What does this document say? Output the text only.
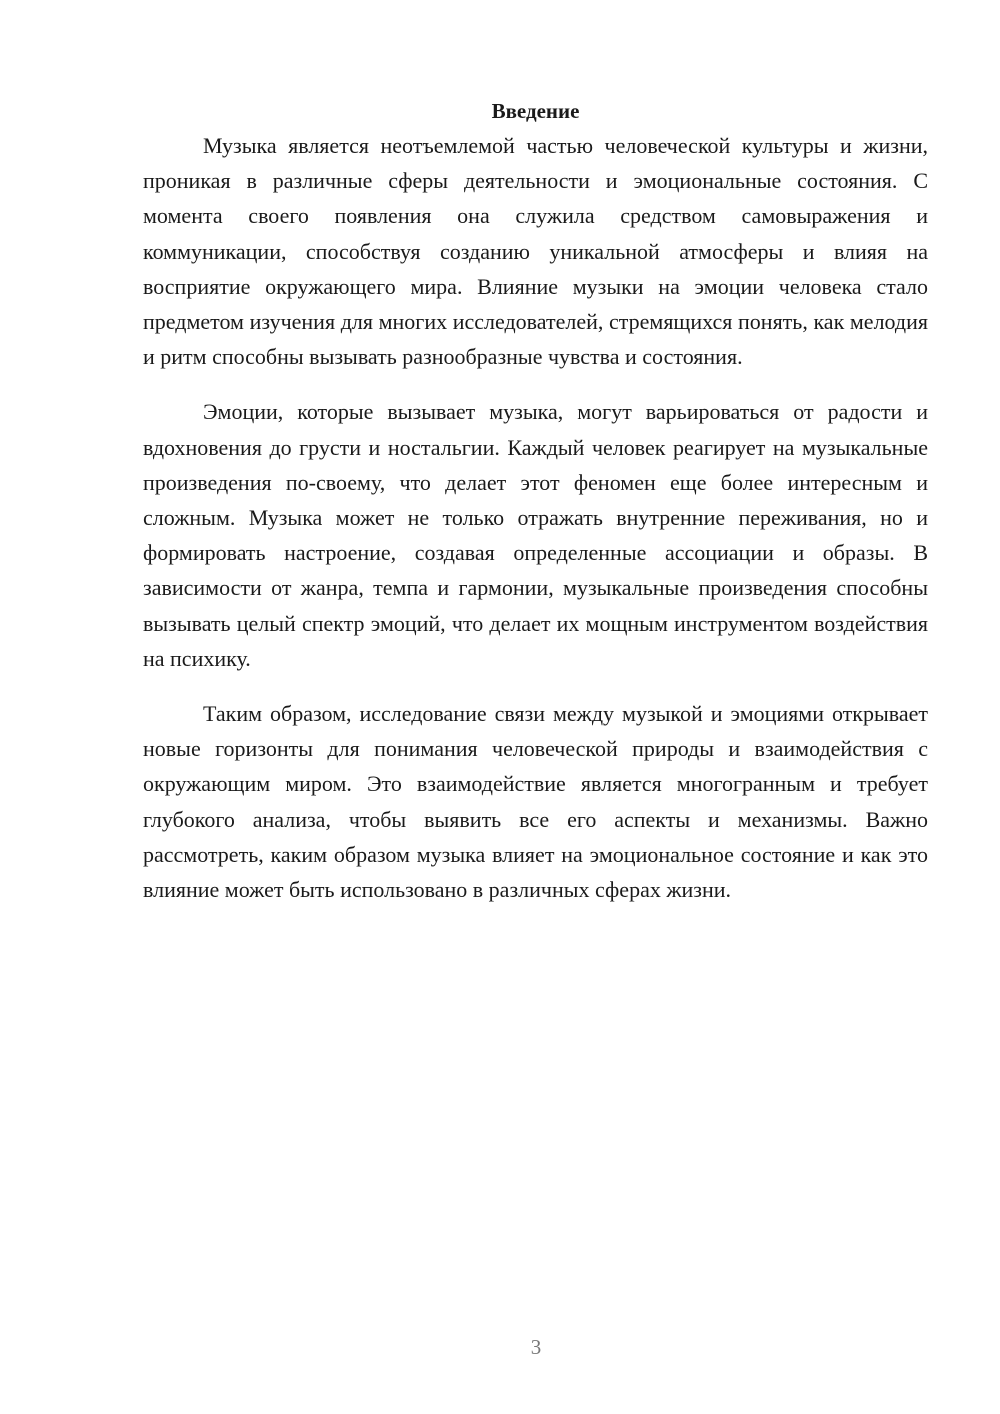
Введение

Музыка является неотъемлемой частью человеческой культуры и жизни, проникая в различные сферы деятельности и эмоциональные состояния. С момента своего появления она служила средством самовыражения и коммуникации, способствуя созданию уникальной атмосферы и влияя на восприятие окружающего мира. Влияние музыки на эмоции человека стало предметом изучения для многих исследователей, стремящихся понять, как мелодия и ритм способны вызывать разнообразные чувства и состояния.

Эмоции, которые вызывает музыка, могут варьироваться от радости и вдохновения до грусти и ностальгии. Каждый человек реагирует на музыкальные произведения по-своему, что делает этот феномен еще более интересным и сложным. Музыка может не только отражать внутренние переживания, но и формировать настроение, создавая определенные ассоциации и образы. В зависимости от жанра, темпа и гармонии, музыкальные произведения способны вызывать целый спектр эмоций, что делает их мощным инструментом воздействия на психику.

Таким образом, исследование связи между музыкой и эмоциями открывает новые горизонты для понимания человеческой природы и взаимодействия с окружающим миром. Это взаимодействие является многогранным и требует глубокого анализа, чтобы выявить все его аспекты и механизмы. Важно рассмотреть, каким образом музыка влияет на эмоциональное состояние и как это влияние может быть использовано в различных сферах жизни.

3
